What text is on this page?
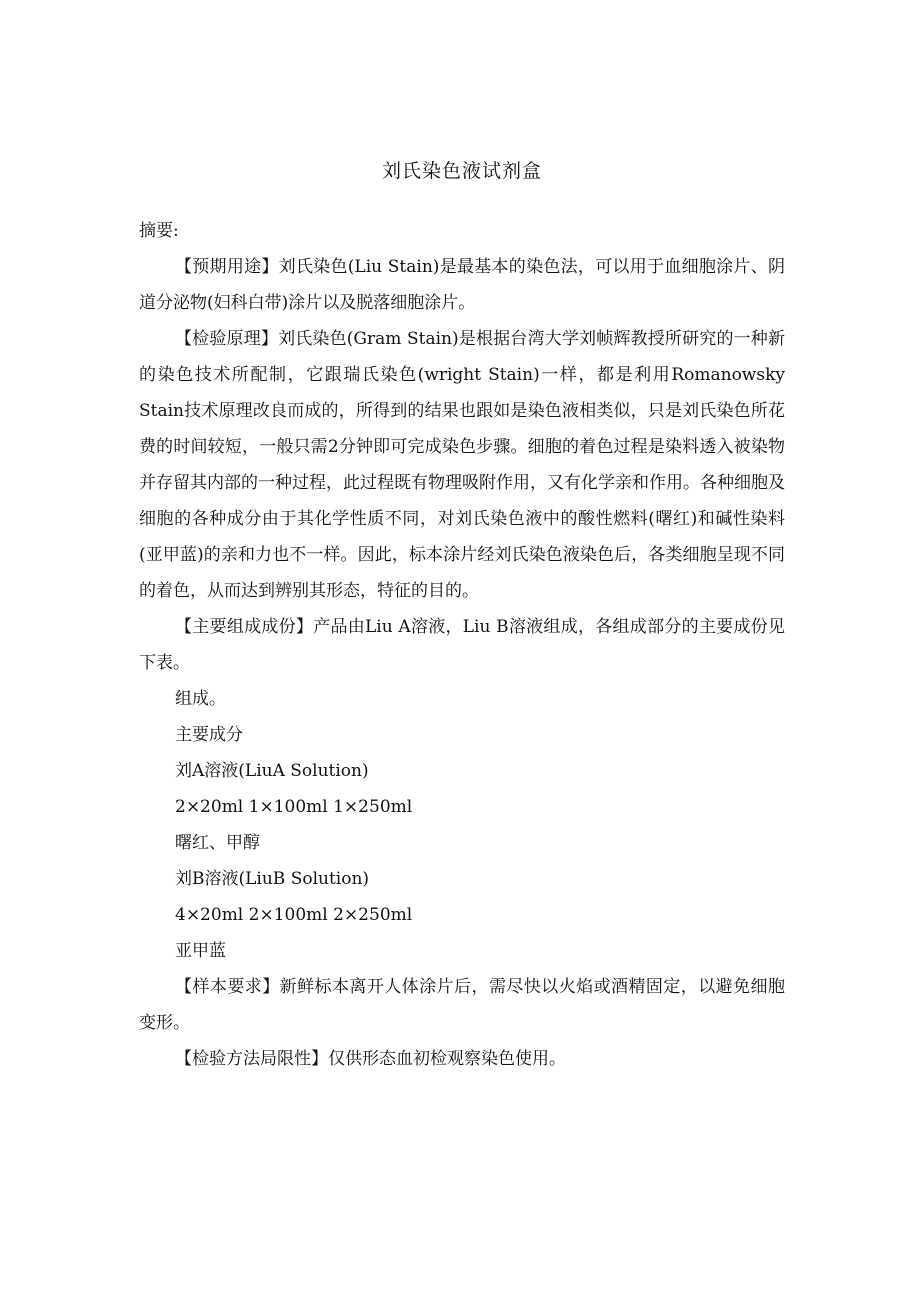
刘氏染色液试剂盒

摘要:

【预期用途】刘氏染色(Liu Stain)是最基本的染色法，可以用于血细胞涂片、阴道分泌物(妇科白带)涂片以及脱落细胞涂片。

【检验原理】刘氏染色(Gram Stain)是根据台湾大学刘帧辉教授所研究的一种新的染色技术所配制，它跟瑞氏染色(wright Stain)一样，都是利用Romanowsky Stain技术原理改良而成的，所得到的结果也跟如是染色液相类似，只是刘氏染色所花费的时间较短，一般只需2分钟即可完成染色步骤。细胞的着色过程是染料透入被染物并存留其内部的一种过程，此过程既有物理吸附作用，又有化学亲和作用。各种细胞及细胞的各种成分由于其化学性质不同，对刘氏染色液中的酸性燃料(曙红)和碱性染料(亚甲蓝)的亲和力也不一样。因此，标本涂片经刘氏染色液染色后，各类细胞呈现不同的着色，从而达到辨别其形态，特征的目的。

【主要组成成份】产品由Liu A溶液，Liu B溶液组成，各组成部分的主要成份见下表。

组成。

主要成分

刘A溶液(LiuA Solution)

2×20ml 1×100ml 1×250ml

曙红、甲醇

刘B溶液(LiuB Solution)

4×20ml 2×100ml 2×250ml

亚甲蓝

【样本要求】新鲜标本离开人体涂片后，需尽快以火焰或酒精固定，以避免细胞变形。

【检验方法局限性】仅供形态血初检观察染色使用。
